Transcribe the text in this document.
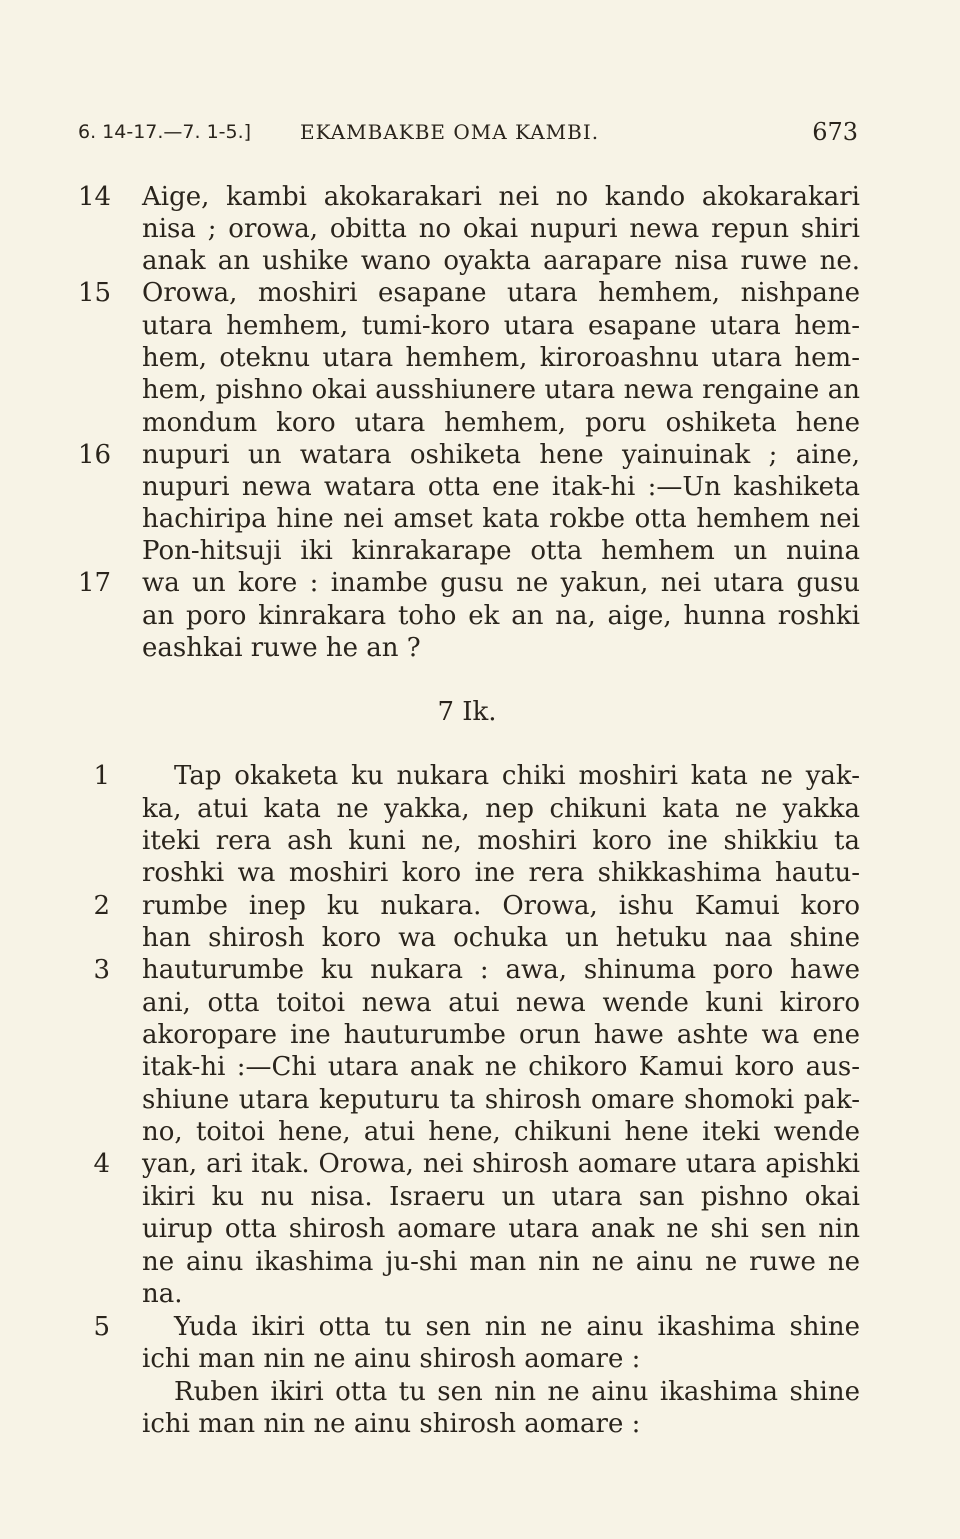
6. 14-17.—7. 1-5.] EKAMBAKBE OMA KAMBI.	673
14
15
16
17
1
2
3
4
5
Aige, kambi akokarakari nei no kando akokarakari
nisa ; orowa, obitta no okai nupuri newa repun shiri
anak an ushike wano oyakta aarapare nisa ruwe ne.
Orowa, moshiri esapane utara hemhem, nishpane
utara hemhem, tumi-koro utara esapane utara hem-
hem, oteknu utara hemhem, kiroroashnu utara hem-
hem, pishno okai ausshiunere utara newa rengaine an
mondum koro utara hemhem, poru oshiketa hene
nupuri un watara oshiketa hene yainuinak ; aine,
nupuri newa watara otta ene itak-hi :—Un kashiketa
hachiripa hine nei amset kata rokbe otta hemhem nei
Pon-hitsuji iki kinrakarape otta hemhem un nuina
wa un kore : inambe gusu ne yakun, nei utara gusu
an poro kinrakara toho ek an na, aige, hunna roshki
eashkai ruwe he an ?
7 Ik.
Tap okaketa ku nukara chiki moshiri kata ne yak-
ka, atui kata ne yakka, nep chikuni kata ne yakka
iteki rera ash kuni ne, moshiri koro ine shikkiu ta
roshki wa moshiri koro ine rera shikkashima hautu-
rumbe inep ku nukara. Orowa, ishu Kamui koro
han shirosh koro wa ochuka un hetuku naa shine
hauturumbe ku nukara : awa, shinuma poro hawe
ani, otta toitoi newa atui newa wende kuni kiroro
akoropare ine hauturumbe orun hawe ashte wa ene
itak-hi :—Chi utara anak ne chikoro Kamui koro aus-
shiune utara keputuru ta shirosh omare shomoki pak-
no, toitoi hene, atui hene, chikuni hene iteki wende
yan, ari itak. Orowa, nei shirosh aomare utara apishki
ikiri ku nu nisa. Israeru un utara san pishno okai
uirup otta shirosh aomare utara anak ne shi sen nin
ne ainu ikashima ju-shi man nin ne ainu ne ruwe ne
na.
Yuda ikiri otta tu sen nin ne ainu ikashima shine
ichi man nin ne ainu shirosh aomare :
Ruben ikiri otta tu sen nin ne ainu ikashima shine
ichi man nin ne ainu shirosh aomare :
